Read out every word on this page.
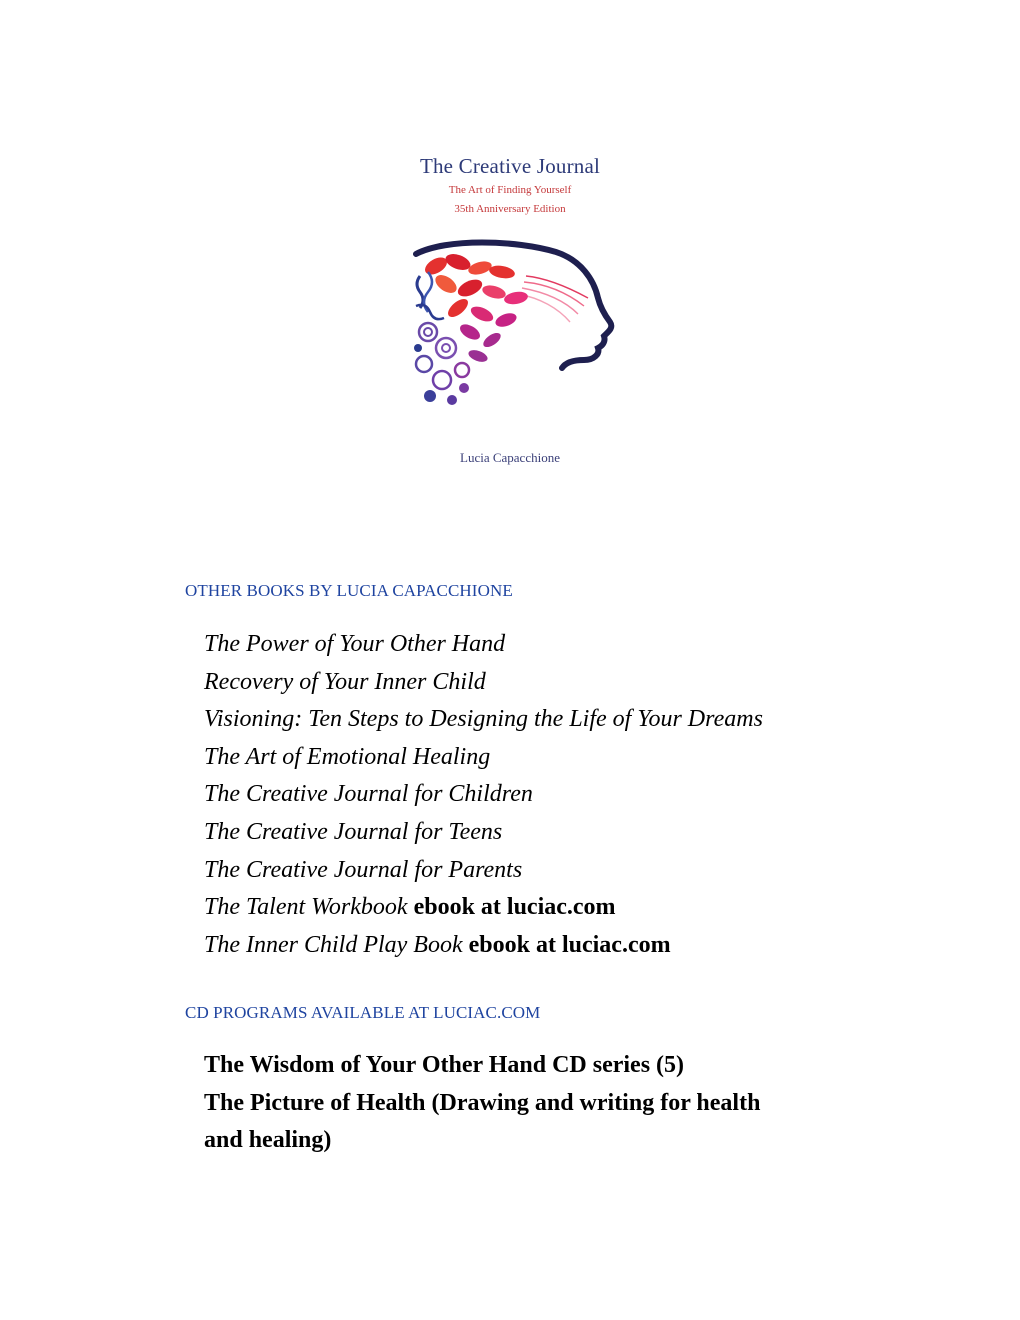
The Creative Journal
The Art of Finding Yourself
35th Anniversary Edition
Lucia Capacchione
OTHER BOOKS BY LUCIA CAPACCHIONE
The Power of Your Other Hand
Recovery of Your Inner Child
Visioning: Ten Steps to Designing the Life of Your Dreams
The Art of Emotional Healing
The Creative Journal for Children
The Creative Journal for Teens
The Creative Journal for Parents
The Talent Workbook ebook at luciac.com
The Inner Child Play Book ebook at luciac.com
CD PROGRAMS AVAILABLE AT LUCIAC.COM
The Wisdom of Your Other Hand CD series (5)
The Picture of Health (Drawing and writing for health and healing)
